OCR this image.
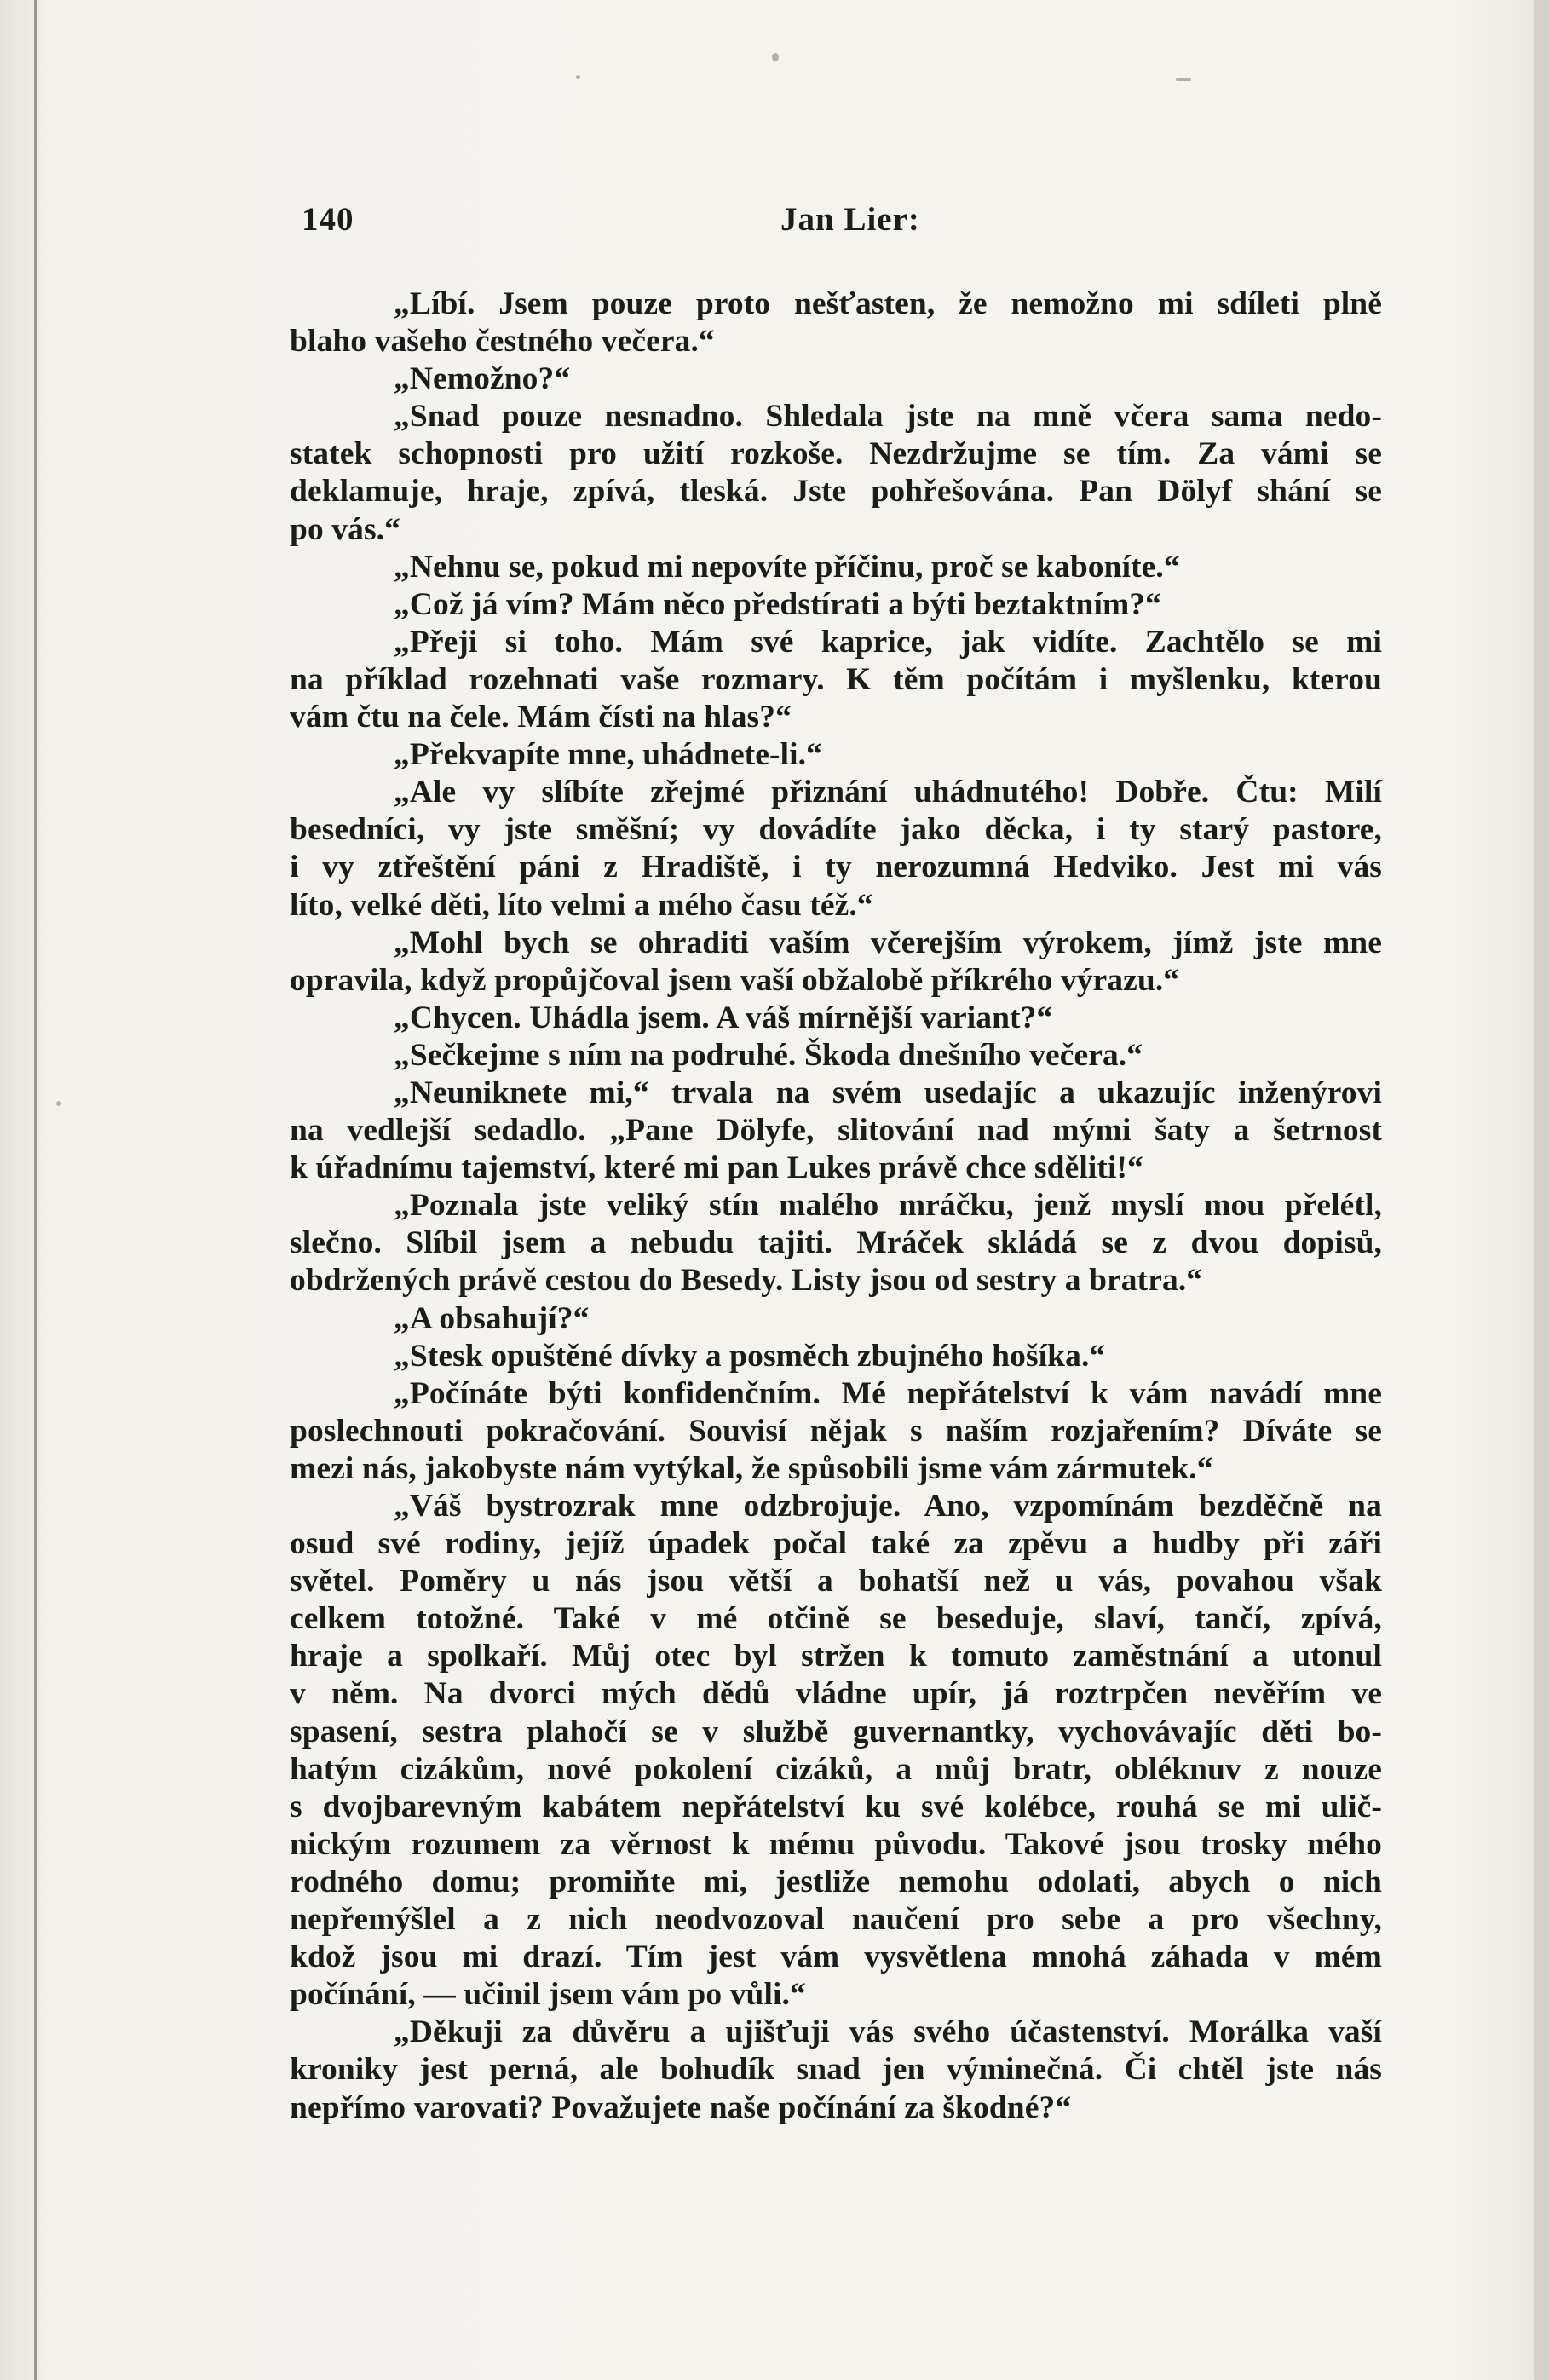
140	Jan Lier:
„Líbí. Jsem pouze proto nešťasten, že nemožno mi sdíleti plně
blaho vašeho čestného večera.“
„Nemožno?“
„Snad pouze nesnadno. Shledala jste na mně včera sama nedo-
statek schopnosti pro užití rozkoše. Nezdržujme se tím. Za vámi se
deklamuje, hraje, zpívá, tleská. Jste pohřešována. Pan Dölyf shání se
po vás.“
„Nehnu se, pokud mi nepovíte příčinu, proč se kaboníte.“
„Což já vím? Mám něco předstírati a býti beztaktním?“
„Přeji si toho. Mám své kaprice, jak vidíte. Zachtělo se mi
na příklad rozehnati vaše rozmary. K těm počítám i myšlenku, kterou
vám čtu na čele. Mám čísti na hlas?“
„Překvapíte mne, uhádnete-li.“
„Ale vy slíbíte zřejmé přiznání uhádnutého! Dobře. Čtu: Milí
besedníci, vy jste směšní; vy dovádíte jako děcka, i ty starý pastore,
i vy ztřeštění páni z Hradiště, i ty nerozumná Hedviko. Jest mi vás
líto, velké děti, líto velmi a mého času též.“
„Mohl bych se ohraditi vaším včerejším výrokem, jímž jste mne
opravila, když propůjčoval jsem vaší obžalobě příkrého výrazu.“
„Chycen. Uhádla jsem. A váš mírnější variant?“
„Sečkejme s ním na podruhé. Škoda dnešního večera.“
„Neuniknete mi,“ trvala na svém usedajíc a ukazujíc inženýrovi
na vedlejší sedadlo. „Pane Dölyfe, slitování nad mými šaty a šetrnost
k úřadnímu tajemství, které mi pan Lukes právě chce sděliti!“
„Poznala jste veliký stín malého mráčku, jenž myslí mou přelétl,
slečno. Slíbil jsem a nebudu tajiti. Mráček skládá se z dvou dopisů,
obdržených právě cestou do Besedy. Listy jsou od sestry a bratra.“
„A obsahují?“
„Stesk opuštěné dívky a posměch zbujného hošíka.“
„Počínáte býti konfidenčním. Mé nepřátelství k vám navádí mne
poslechnouti pokračování. Souvisí nějak s naším rozjařením? Díváte se
mezi nás, jakobyste nám vytýkal, že spůsobili jsme vám zármutek.“
„Váš bystrozrak mne odzbrojuje. Ano, vzpomínám bezděčně na
osud své rodiny, jejíž úpadek počal také za zpěvu a hudby při záři
světel. Poměry u nás jsou větší a bohatší než u vás, povahou však
celkem totožné. Také v mé otčině se beseduje, slaví, tančí, zpívá,
hraje a spolkaří. Můj otec byl stržen k tomuto zaměstnání a utonul
v něm. Na dvorci mých dědů vládne upír, já roztrpčen nevěřím ve
spasení, sestra plahočí se v službě guvernantky, vychovávajíc děti bo-
hatým cizákům, nové pokolení cizáků, a můj bratr, obléknuv z nouze
s dvojbarevným kabátem nepřátelství ku své kolébce, rouhá se mi ulič-
nickým rozumem za věrnost k mému původu. Takové jsou trosky mého
rodného domu; promiňte mi, jestliže nemohu odolati, abych o nich
nepřemýšlel a z nich neodvozoval naučení pro sebe a pro všechny,
kdož jsou mi drazí. Tím jest vám vysvětlena mnohá záhada v mém
počínání, — učinil jsem vám po vůli.“
„Děkuji za důvěru a ujišťuji vás svého účastenství. Morálka vaší
kroniky jest perná, ale bohudík snad jen výminečná. Či chtěl jste nás
nepřímo varovati? Považujete naše počínání za škodné?“
